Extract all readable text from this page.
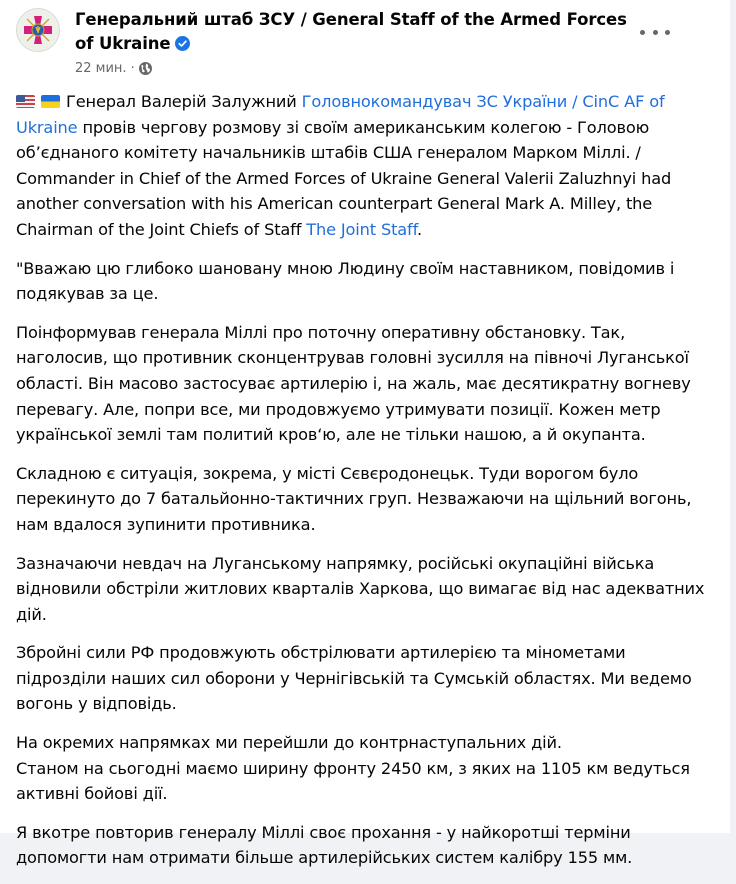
Генеральний штаб ЗСУ / General Staff of the Armed Forces of Ukraine
22 мин. ·

Генерал Валерій Залужний Головнокомандувач ЗС України / CinC AF of Ukraine провів чергову розмову зі своїм американським колегою - Головою об’єднаного комітету начальників штабів США генералом Марком Міллі. / Commander in Chief of the Armed Forces of Ukraine General Valerii Zaluzhnyi had another conversation with his American counterpart General Mark A. Milley, the Chairman of the Joint Chiefs of Staff The Joint Staff.

"Вважаю цю глибоко шановану мною Людину своїм наставником, повідомив і подякував за це.

Поінформував генерала Міллі про поточну оперативну обстановку. Так, наголосив, що противник сконцентрував головні зусилля на півночі Луганської області. Він масово застосуває артилерію і, на жаль, має десятикратну вогневу перевагу. Але, попри все, ми продовжуємо утримувати позиції. Кожен метр української землі там политий кров‘ю, але не тільки нашою, а й окупанта.

Складною є ситуація, зокрема, у місті Сєвєродонецьк. Туди ворогом було перекинуто до 7 батальйонно-тактичних груп. Незважаючи на щільний вогонь, нам вдалося зупинити противника.

Зазначаючи невдач на Луганському напрямку, російські окупаційні війська відновили обстріли житлових кварталів Харкова, що вимагає від нас адекватних дій.

Збройні сили РФ продовжують обстрілювати артилерією та мінометами підрозділи наших сил оборони у Чернігівській та Сумській областях. Ми ведемо вогонь у відповідь.

На окремих напрямках ми перейшли до контрнаступальних дій.
Станом на сьогодні маємо ширину фронту 2450 км, з яких на 1105 км ведуться активні бойові дії.

Я вкотре повторив генералу Міллі своє прохання - у найкоротші терміни допомогти нам отримати більше артилерійських систем калібру 155 мм.
